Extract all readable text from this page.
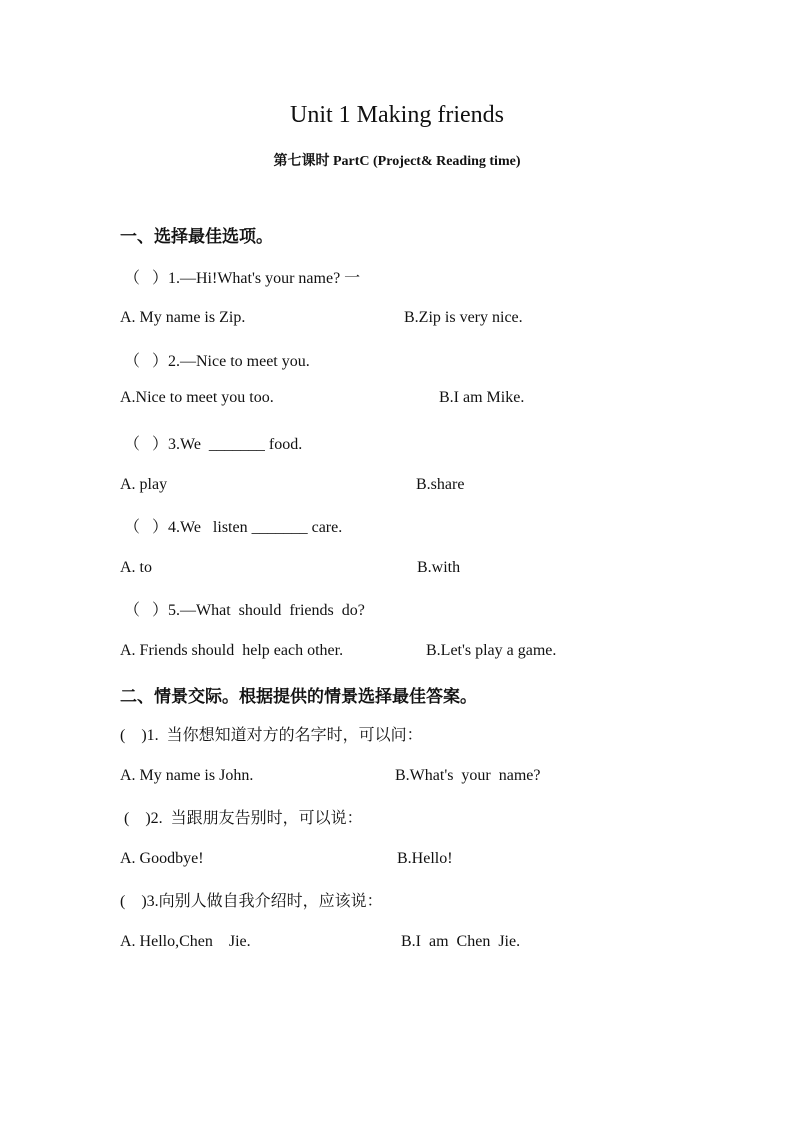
Unit 1 Making friends
第七课时 PartC (Project& Reading time)
一、选择最佳选项。
（   ）1.—Hi!What's your name? 一
A. My name is Zip.	B.Zip is very nice.
（   ）2.—Nice to meet you.
A.Nice to meet you too.	B.I am Mike.
（   ）3.We  _______ food.
A. play	B.share
（   ）4.We   listen _______ care.
A. to	B.with
（   ）5.—What  should  friends  do?
A. Friends should  help each other.	B.Let's play a game.
二、情景交际。根据提供的情景选择最佳答案。
(    )1.  当你想知道对方的名字时，可以问：
A. My name is John.	B.What's  your  name?
(    )2.  当跟朋友告别时，可以说：
A. Goodbye!	B.Hello!
(    )3.向别人做自我介绍时，应该说：
A. Hello,Chen    Jie.	B.I  am  Chen  Jie.
